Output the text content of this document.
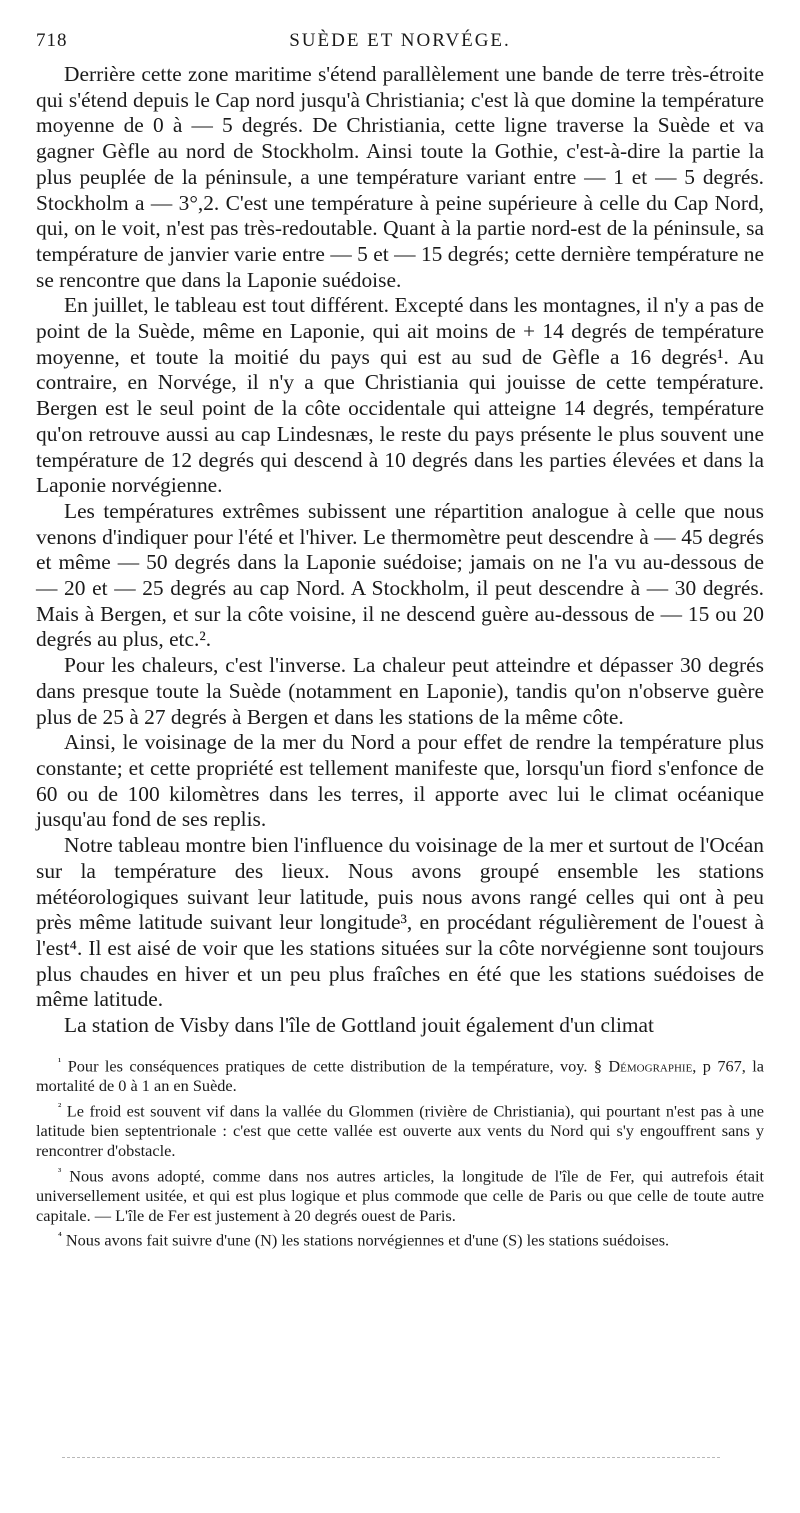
718	SUÈDE ET NORVÉGE.

Derrière cette zone maritime s'étend parallèlement une bande de terre très-étroite qui s'étend depuis le Cap nord jusqu'à Christiania; c'est là que domine la température moyenne de 0 à — 5 degrés. De Christiania, cette ligne traverse la Suède et va gagner Gèfle au nord de Stockholm. Ainsi toute la Gothie, c'est-à-dire la partie la plus peuplée de la péninsule, a une température variant entre — 1 et — 5 degrés. Stockholm a — 3°,2. C'est une température à peine supérieure à celle du Cap Nord, qui, on le voit, n'est pas très-redoutable. Quant à la partie nord-est de la péninsule, sa température de janvier varie entre — 5 et — 15 degrés; cette dernière température ne se rencontre que dans la Laponie suédoise.

En juillet, le tableau est tout différent. Excepté dans les montagnes, il n'y a pas de point de la Suède, même en Laponie, qui ait moins de + 14 degrés de température moyenne, et toute la moitié du pays qui est au sud de Gèfle a 16 degrés¹. Au contraire, en Norvége, il n'y a que Christiania qui jouisse de cette température. Bergen est le seul point de la côte occidentale qui atteigne 14 degrés, température qu'on retrouve aussi au cap Lindesnæs, le reste du pays présente le plus souvent une température de 12 degrés qui descend à 10 degrés dans les parties élevées et dans la Laponie norvégienne.

Les températures extrêmes subissent une répartition analogue à celle que nous venons d'indiquer pour l'été et l'hiver. Le thermomètre peut descendre à — 45 degrés et même — 50 degrés dans la Laponie suédoise; jamais on ne l'a vu au-dessous de — 20 et — 25 degrés au cap Nord. A Stockholm, il peut descendre à — 30 degrés. Mais à Bergen, et sur la côte voisine, il ne descend guère au-dessous de — 15 ou 20 degrés au plus, etc.².

Pour les chaleurs, c'est l'inverse. La chaleur peut atteindre et dépasser 30 degrés dans presque toute la Suède (notamment en Laponie), tandis qu'on n'observe guère plus de 25 à 27 degrés à Bergen et dans les stations de la même côte.

Ainsi, le voisinage de la mer du Nord a pour effet de rendre la température plus constante; et cette propriété est tellement manifeste que, lorsqu'un fiord s'enfonce de 60 ou de 100 kilomètres dans les terres, il apporte avec lui le climat océanique jusqu'au fond de ses replis.

Notre tableau montre bien l'influence du voisinage de la mer et surtout de l'Océan sur la température des lieux. Nous avons groupé ensemble les stations météorologiques suivant leur latitude, puis nous avons rangé celles qui ont à peu près même latitude suivant leur longitude³, en procédant régulièrement de l'ouest à l'est⁴. Il est aisé de voir que les stations situées sur la côte norvégienne sont toujours plus chaudes en hiver et un peu plus fraîches en été que les stations suédoises de même latitude.

La station de Visby dans l'île de Gottland jouit également d'un climat

$^{^1}$ Pour les conséquences pratiques de cette distribution de la température, voy. § Démographie, p 767, la mortalité de 0 à 1 an en Suède.

$^{^2}$ Le froid est souvent vif dans la vallée du Glommen (rivière de Christiania), qui pourtant n'est pas à une latitude bien septentrionale : c'est que cette vallée est ouverte aux vents du Nord qui s'y engouffrent sans y rencontrer d'obstacle.

$^{^3}$ Nous avons adopté, comme dans nos autres articles, la longitude de l'île de Fer, qui autrefois était universellement usitée, et qui est plus logique et plus commode que celle de Paris ou que celle de toute autre capitale. — L'île de Fer est justement à 20 degrés ouest de Paris.

$^{^4}$ Nous avons fait suivre d'une (N) les stations norvégiennes et d'une (S) les stations suédoises.
